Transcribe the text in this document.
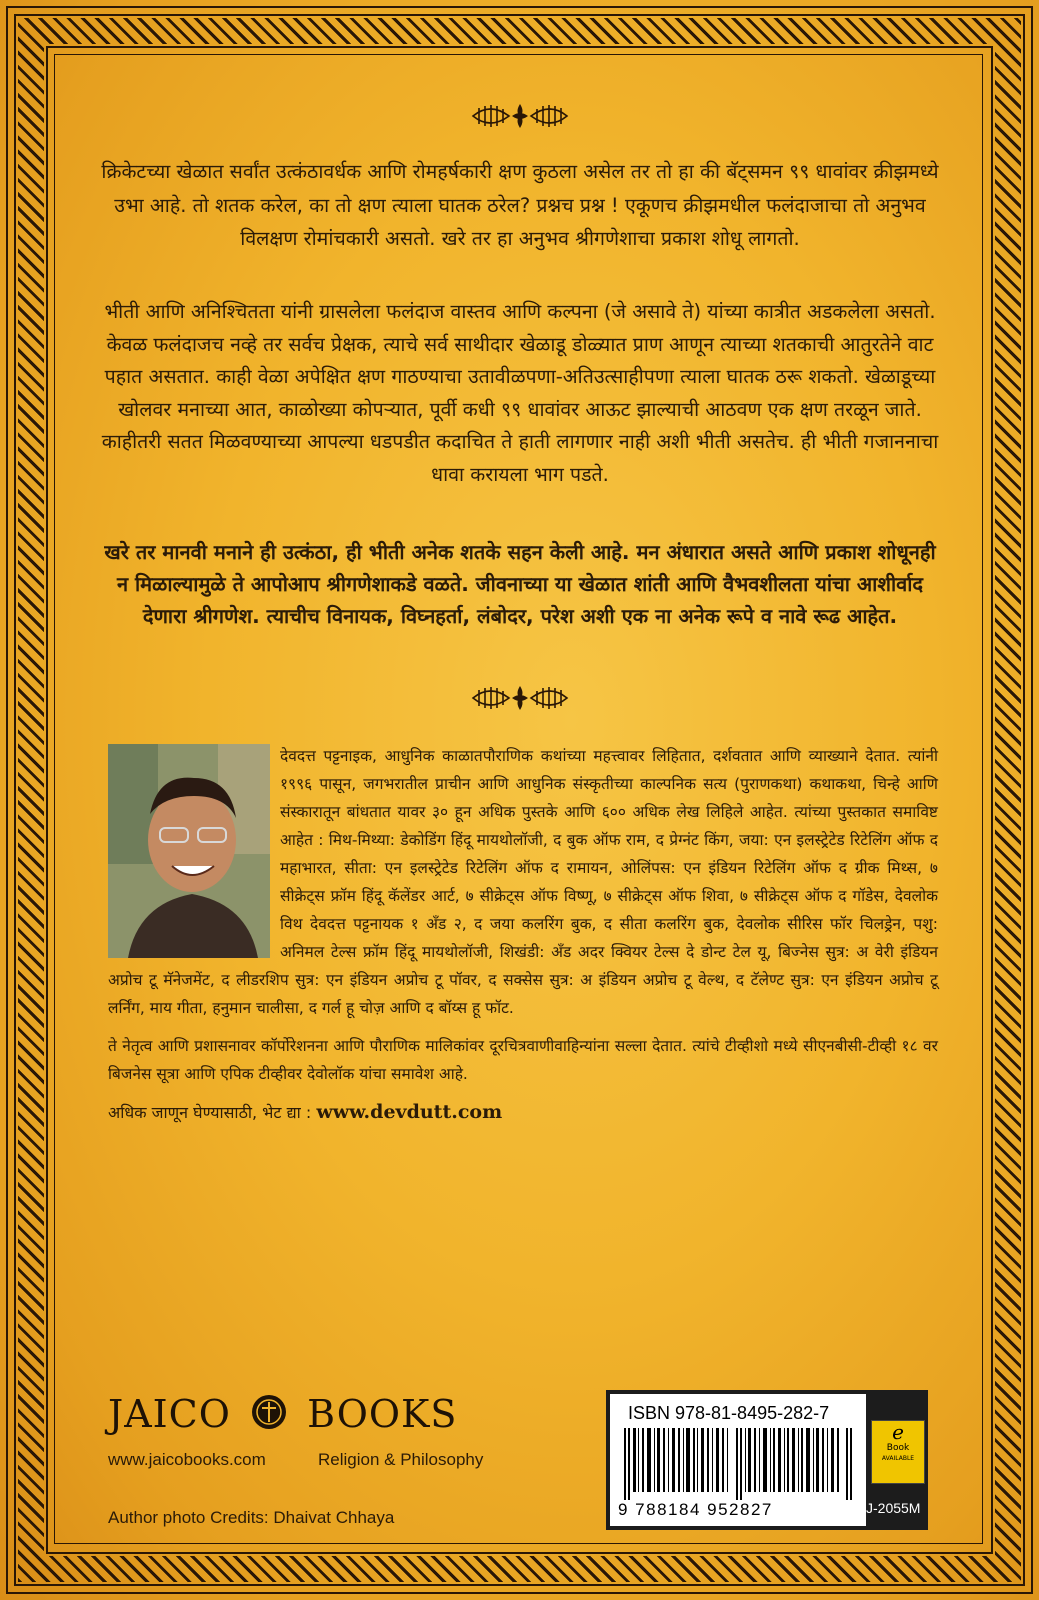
क्रिकेटच्या खेळात सर्वांत उत्कंठावर्धक आणि रोमहर्षकारी क्षण कुठला असेल तर तो हा की बॅट्समन ९९ धावांवर क्रीझमध्ये उभा आहे. तो शतक करेल, का तो क्षण त्याला घातक ठरेल? प्रश्नच प्रश्न ! एकूणच क्रीझमधील फलंदाजाचा तो अनुभव विलक्षण रोमांचकारी असतो. खरे तर हा अनुभव श्रीगणेशाचा प्रकाश शोधू लागतो.
भीती आणि अनिश्चितता यांनी ग्रासलेला फलंदाज वास्तव आणि कल्पना (जे असावे ते) यांच्या कात्रीत अडकलेला असतो. केवळ फलंदाजच नव्हे तर सर्वच प्रेक्षक, त्याचे सर्व साथीदार खेळाडू डोळ्यात प्राण आणून त्याच्या शतकाची आतुरतेने वाट पहात असतात. काही वेळा अपेक्षित क्षण गाठण्याचा उतावीळपणा-अतिउत्साहीपणा त्याला घातक ठरू शकतो. खेळाडूच्या खोलवर मनाच्या आत, काळोख्या कोपऱ्यात, पूर्वी कधी ९९ धावांवर आऊट झाल्याची आठवण एक क्षण तरळून जाते. काहीतरी सतत मिळवण्याच्या आपल्या धडपडीत कदाचित ते हाती लागणार नाही अशी भीती असतेच. ही भीती गजाननाचा धावा करायला भाग पडते.
खरे तर मानवी मनाने ही उत्कंठा, ही भीती अनेक शतके सहन केली आहे. मन अंधारात असते आणि प्रकाश शोधूनही न मिळाल्यामुळे ते आपोआप श्रीगणेशाकडे वळते. जीवनाच्या या खेळात शांती आणि वैभवशीलता यांचा आशीर्वाद देणारा श्रीगणेश. त्याचीच विनायक, विघ्नहर्ता, लंबोदर, परेश अशी एक ना अनेक रूपे व नावे रूढ आहेत.

देवदत्त पट्टनाइक, आधुनिक काळातपौराणिक कथांच्या महत्त्वावर लिहितात, दर्शवतात आणि व्याख्याने देतात. त्यांनी १९९६ पासून, जगभरातील प्राचीन आणि आधुनिक संस्कृतीच्या काल्पनिक सत्य (पुराणकथा) कथाकथा, चिन्हे आणि संस्कारातून बांधतात यावर ३० हून अधिक पुस्तके आणि ६०० अधिक लेख लिहिले आहेत. त्यांच्या पुस्तकात समाविष्ट आहेत : मिथ-मिथ्या: डेकोडिंग हिंदू मायथोलॉजी, द बुक ऑफ राम, द प्रेग्नंट किंग, जया: एन इलस्ट्रेटेड रिटेलिंग ऑफ द महाभारत, सीता: एन इलस्ट्रेटेड रिटेलिंग ऑफ द रामायन, ओलिंपस: एन इंडियन रिटेलिंग ऑफ द ग्रीक मिथ्स, ७ सीक्रेट्स फ्रॉम हिंदू कॅलेंडर आर्ट, ७ सीक्रेट्स ऑफ विष्णू, ७ सीक्रेट्स ऑफ शिवा, ७ सीक्रेट्स ऑफ द गॉडेस, देवलोक विथ देवदत्त पट्टनायक १ अँड २, द जया कलरिंग बुक, द सीता कलरिंग बुक, देवलोक सीरिस फॉर चिलड्रेन, पशु: अनिमल टेल्स फ्रॉम हिंदू मायथोलॉजी, शिखंडी: अँड अदर क्वियर टेल्स दे डोन्ट टेल यू, बिज्नेस सुत्र: अ वेरी इंडियन अप्रोच टू मॅनेजमेंट, द लीडरशिप सुत्र: एन इंडियन अप्रोच टू पॉवर, द सक्सेस सुत्र: अ इंडियन अप्रोच टू वेल्थ, द टॅलेण्ट सुत्र: एन इंडियन अप्रोच टू लर्निंग, माय गीता, हनुमान चालीसा, द गर्ल हू चोज़ आणि द बॉय्स हू फॉट.

ते नेतृत्व आणि प्रशासनावर कॉर्पोरेशनना आणि पौराणिक मालिकांवर दूरचित्रवाणीवाहिन्यांना सल्ला देतात. त्यांचे टीव्हीशो मध्ये सीएनबीसी-टीव्ही १८ वर बिजनेस सूत्रा आणि एपिक टीव्हीवर देवोलॉक यांचा समावेश आहे.

अधिक जाणून घेण्यासाठी, भेट द्या : www.devdutt.com

JAICO BOOKS
www.jaicobooks.com	Religion & Philosophy
Author photo Credits: Dhaivat Chhaya
ISBN 978-81-8495-282-7
9 788184 952827
e
Book
AVAILABLE
J-2055M
